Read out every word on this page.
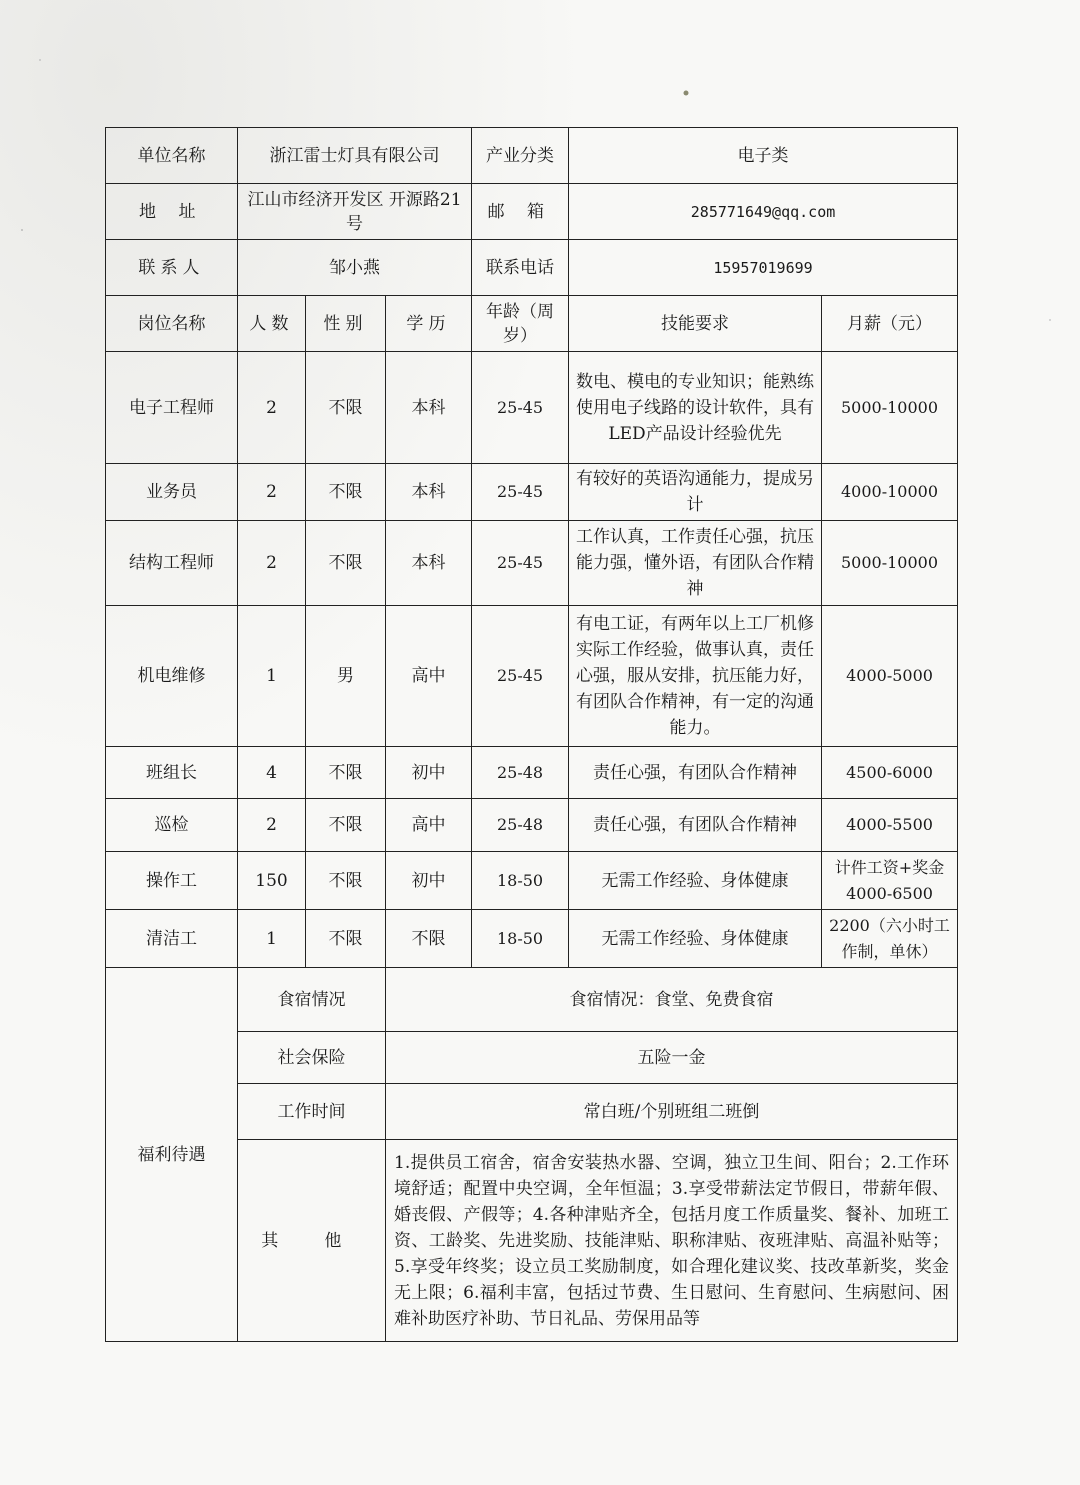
单位名称	浙江雷士灯具有限公司			产业分类	电子类	
地 址	江山市经济开发区 开源路21号			邮 箱	285771649@qq.com	
联系人	邹小燕			联系电话	15957019699	
岗位名称	人数	性别	学历	年龄（周岁）	技能要求	月薪（元）
电子工程师	2	不限	本科	25-45	数电、模电的专业知识；能熟练使用电子线路的设计软件，具有LED产品设计经验优先	5000-10000
业务员	2	不限	本科	25-45	有较好的英语沟通能力，提成另计	4000-10000
结构工程师	2	不限	本科	25-45	工作认真，工作责任心强，抗压能力强，懂外语，有团队合作精神	5000-10000
机电维修	1	男	高中	25-45	有电工证，有两年以上工厂机修实际工作经验，做事认真，责任心强，服从安排，抗压能力好，有团队合作精神，有一定的沟通能力。	4000-5000
班组长	4	不限	初中	25-48	责任心强，有团队合作精神	4500-6000
巡检	2	不限	高中	25-48	责任心强，有团队合作精神	4000-5500
操作工	150	不限	初中	18-50	无需工作经验、身体健康	计件工资+奖金 4000-6500
清洁工	1	不限	不限	18-50	无需工作经验、身体健康	2200（六小时工作制，单休）
福利待遇	食宿情况		食宿情况：食堂、免费食宿			
	社会保险		五险一金			
	工作时间		常白班/个别班组二班倒			
	其 他		1.提供员工宿舍，宿舍安装热水器、空调，独立卫生间、阳台；2.工作环境舒适；配置中央空调，全年恒温；3.享受带薪法定节假日，带薪年假、婚丧假、产假等；4.各种津贴齐全，包括月度工作质量奖、餐补、加班工资、工龄奖、先进奖励、技能津贴、职称津贴、夜班津贴、高温补贴等；5.享受年终奖；设立员工奖励制度，如合理化建议奖、技改革新奖，奖金无上限；6.福利丰富，包括过节费、生日慰问、生育慰问、生病慰问、困难补助医疗补助、节日礼品、劳保用品等			
